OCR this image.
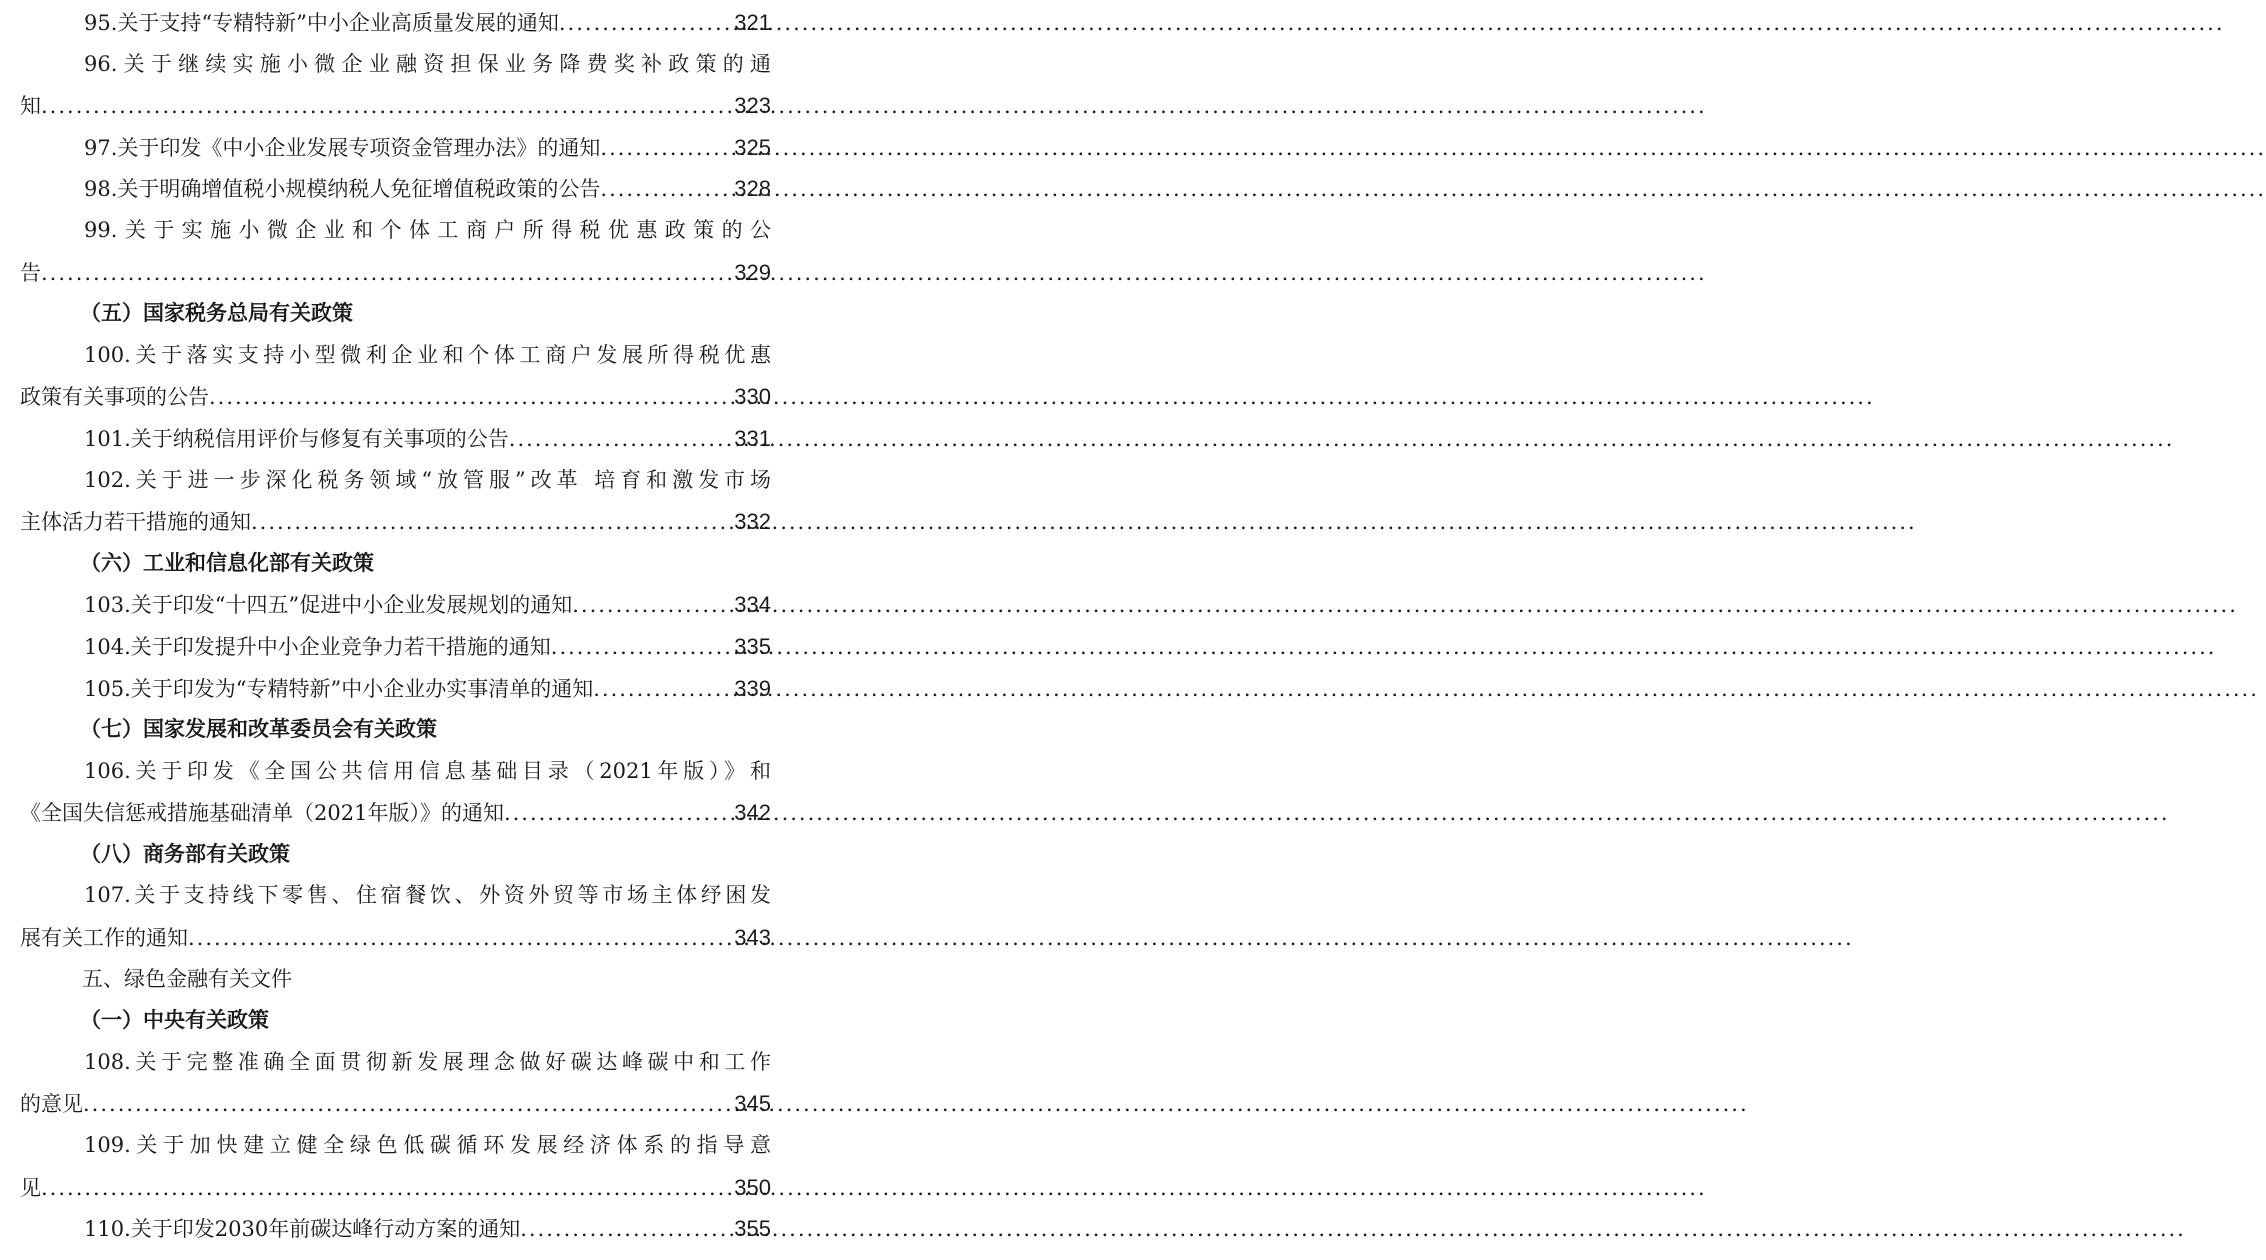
95.关于支持“专精特新”中小企业高质量发展的通知 .....	321
96.关于继续实施小微企业融资担保业务降费奖补政策的通
知 .....	323
97.关于印发《中小企业发展专项资金管理办法》的通知 .....	325
98.关于明确增值税小规模纳税人免征增值税政策的公告 .....	328
99.关于实施小微企业和个体工商户所得税优惠政策的公
告 .....	329
（五）国家税务总局有关政策
100.关于落实支持小型微利企业和个体工商户发展所得税优惠
政策有关事项的公告 .....	330
101.关于纳税信用评价与修复有关事项的公告 .....	331
102.关于进一步深化税务领域“放管服”改革 培育和激发市场
主体活力若干措施的通知 .....	332
（六）工业和信息化部有关政策
103.关于印发“十四五”促进中小企业发展规划的通知 .....	334
104.关于印发提升中小企业竞争力若干措施的通知 .....	335
105.关于印发为“专精特新”中小企业办实事清单的通知 .....	339
（七）国家发展和改革委员会有关政策
106.关于印发《全国公共信用信息基础目录（2021年版）》和
《全国失信惩戒措施基础清单（2021年版）》的通知 .....	342
（八）商务部有关政策
107.关于支持线下零售、住宿餐饮、外资外贸等市场主体纾困发
展有关工作的通知 .....	343
五、绿色金融有关文件
（一）中央有关政策
108.关于完整准确全面贯彻新发展理念做好碳达峰碳中和工作
的意见 .....	345
109.关于加快建立健全绿色低碳循环发展经济体系的指导意
见 .....	350
110.关于印发2030年前碳达峰行动方案的通知 .....	355
